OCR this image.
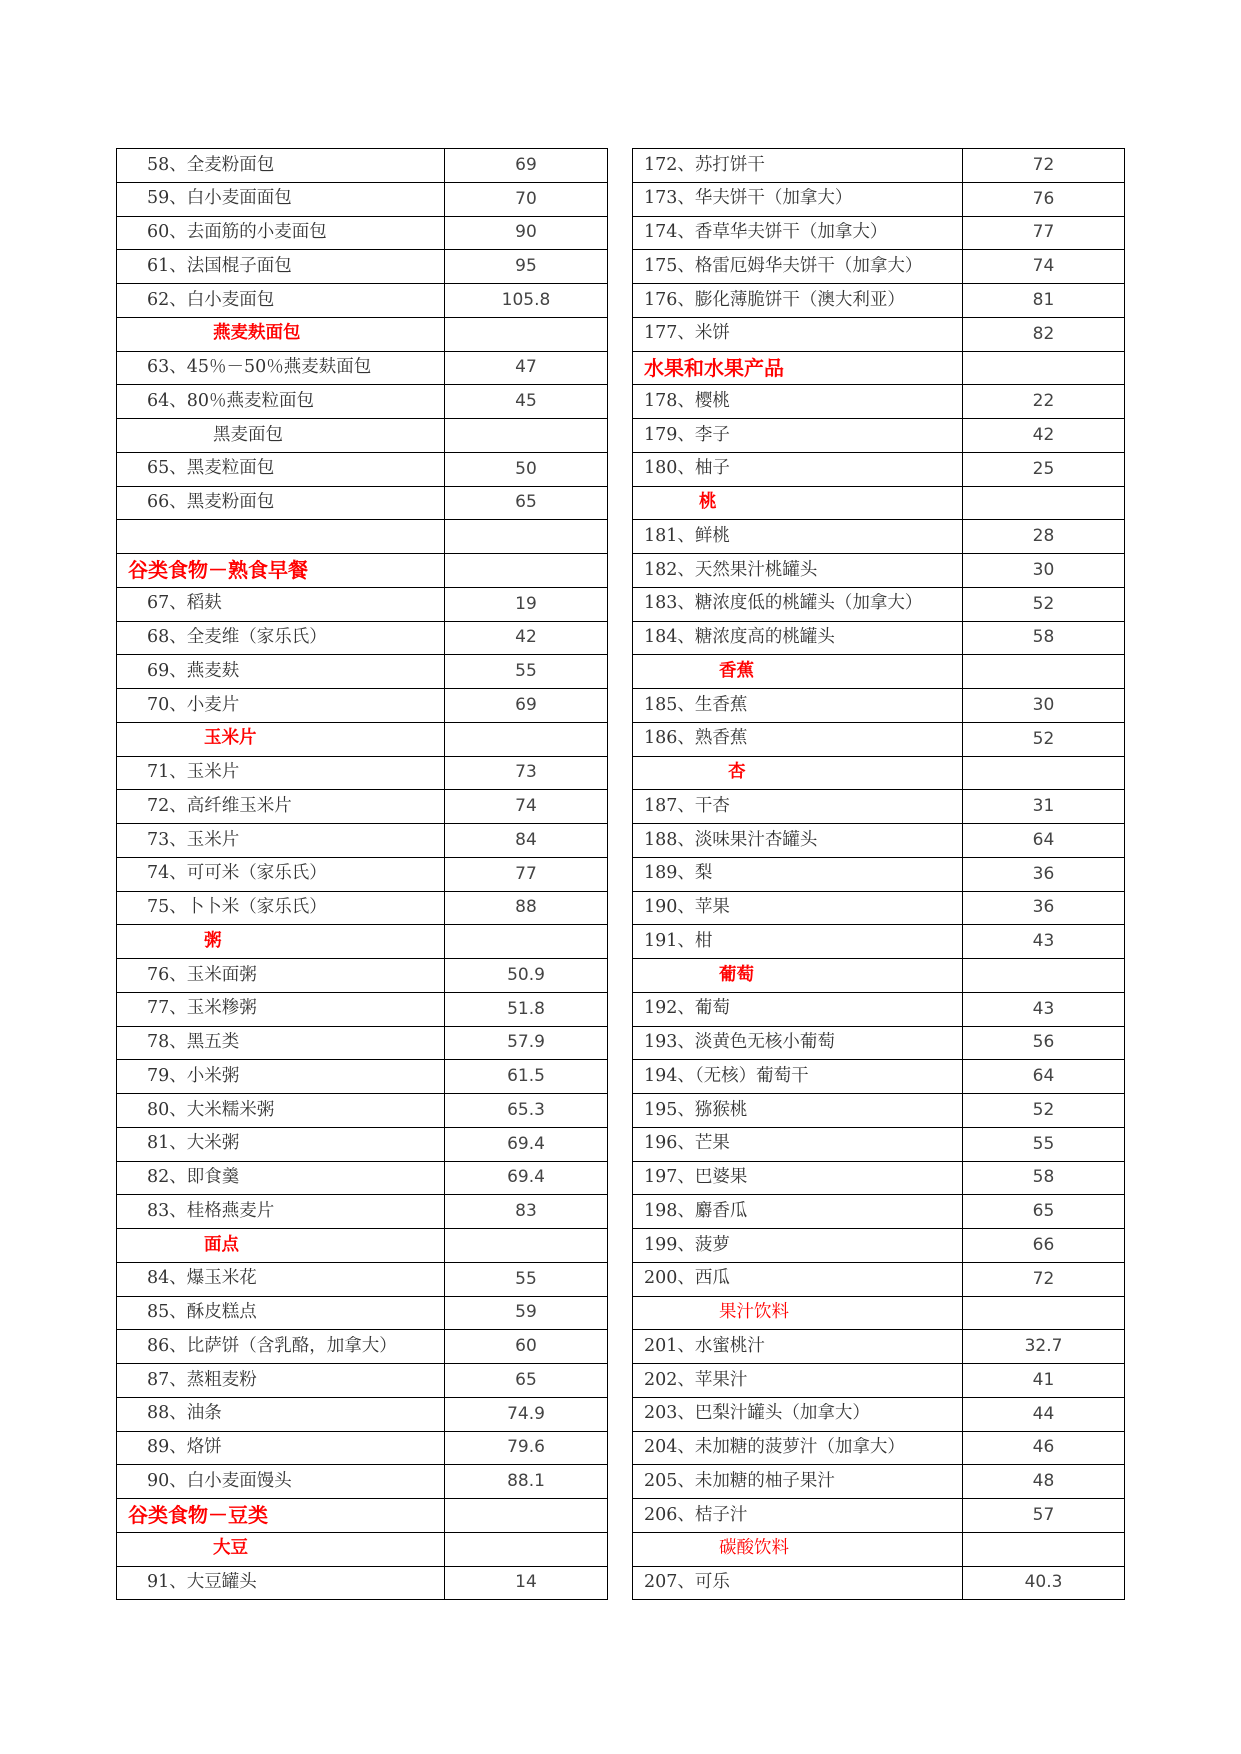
58、全麦粉面包	69
59、白小麦面面包	70
60、去面筋的小麦面包	90
61、法国棍子面包	95
62、白小麦面包	105.8
燕麦麸面包	
63、45％－50％燕麦麸面包	47
64、80％燕麦粒面包	45
黑麦面包	
65、黑麦粒面包	50
66、黑麦粉面包	65

谷类食物－熟食早餐	
67、稻麸	19
68、全麦维（家乐氏）	42
69、燕麦麸	55
70、小麦片	69
玉米片	
71、玉米片	73
72、高纤维玉米片	74
73、玉米片	84
74、可可米（家乐氏）	77
75、卜卜米（家乐氏）	88
粥	
76、玉米面粥	50.9
77、玉米糁粥	51.8
78、黑五类	57.9
79、小米粥	61.5
80、大米糯米粥	65.3
81、大米粥	69.4
82、即食羹	69.4
83、桂格燕麦片	83
面点	
84、爆玉米花	55
85、酥皮糕点	59
86、比萨饼（含乳酪，加拿大）	60
87、蒸粗麦粉	65
88、油条	74.9
89、烙饼	79.6
90、白小麦面馒头	88.1
谷类食物－豆类	
大豆	
91、大豆罐头	14
172、苏打饼干	72
173、华夫饼干（加拿大）	76
174、香草华夫饼干（加拿大）	77
175、格雷厄姆华夫饼干（加拿大）	74
176、膨化薄脆饼干（澳大利亚）	81
177、米饼	82
水果和水果产品	
178、樱桃	22
179、李子	42
180、柚子	25
桃	
181、鲜桃	28
182、天然果汁桃罐头	30
183、糖浓度低的桃罐头（加拿大）	52
184、糖浓度高的桃罐头	58
香蕉	
185、生香蕉	30
186、熟香蕉	52
杏	
187、干杏	31
188、淡味果汁杏罐头	64
189、梨	36
190、苹果	36
191、柑	43
葡萄	
192、葡萄	43
193、淡黄色无核小葡萄	56
194、（无核）葡萄干	64
195、猕猴桃	52
196、芒果	55
197、巴婆果	58
198、麝香瓜	65
199、菠萝	66
200、西瓜	72
果汁饮料	
201、水蜜桃汁	32.7
202、苹果汁	41
203、巴梨汁罐头（加拿大）	44
204、未加糖的菠萝汁（加拿大）	46
205、未加糖的柚子果汁	48
206、桔子汁	57
碳酸饮料	
207、可乐	40.3
